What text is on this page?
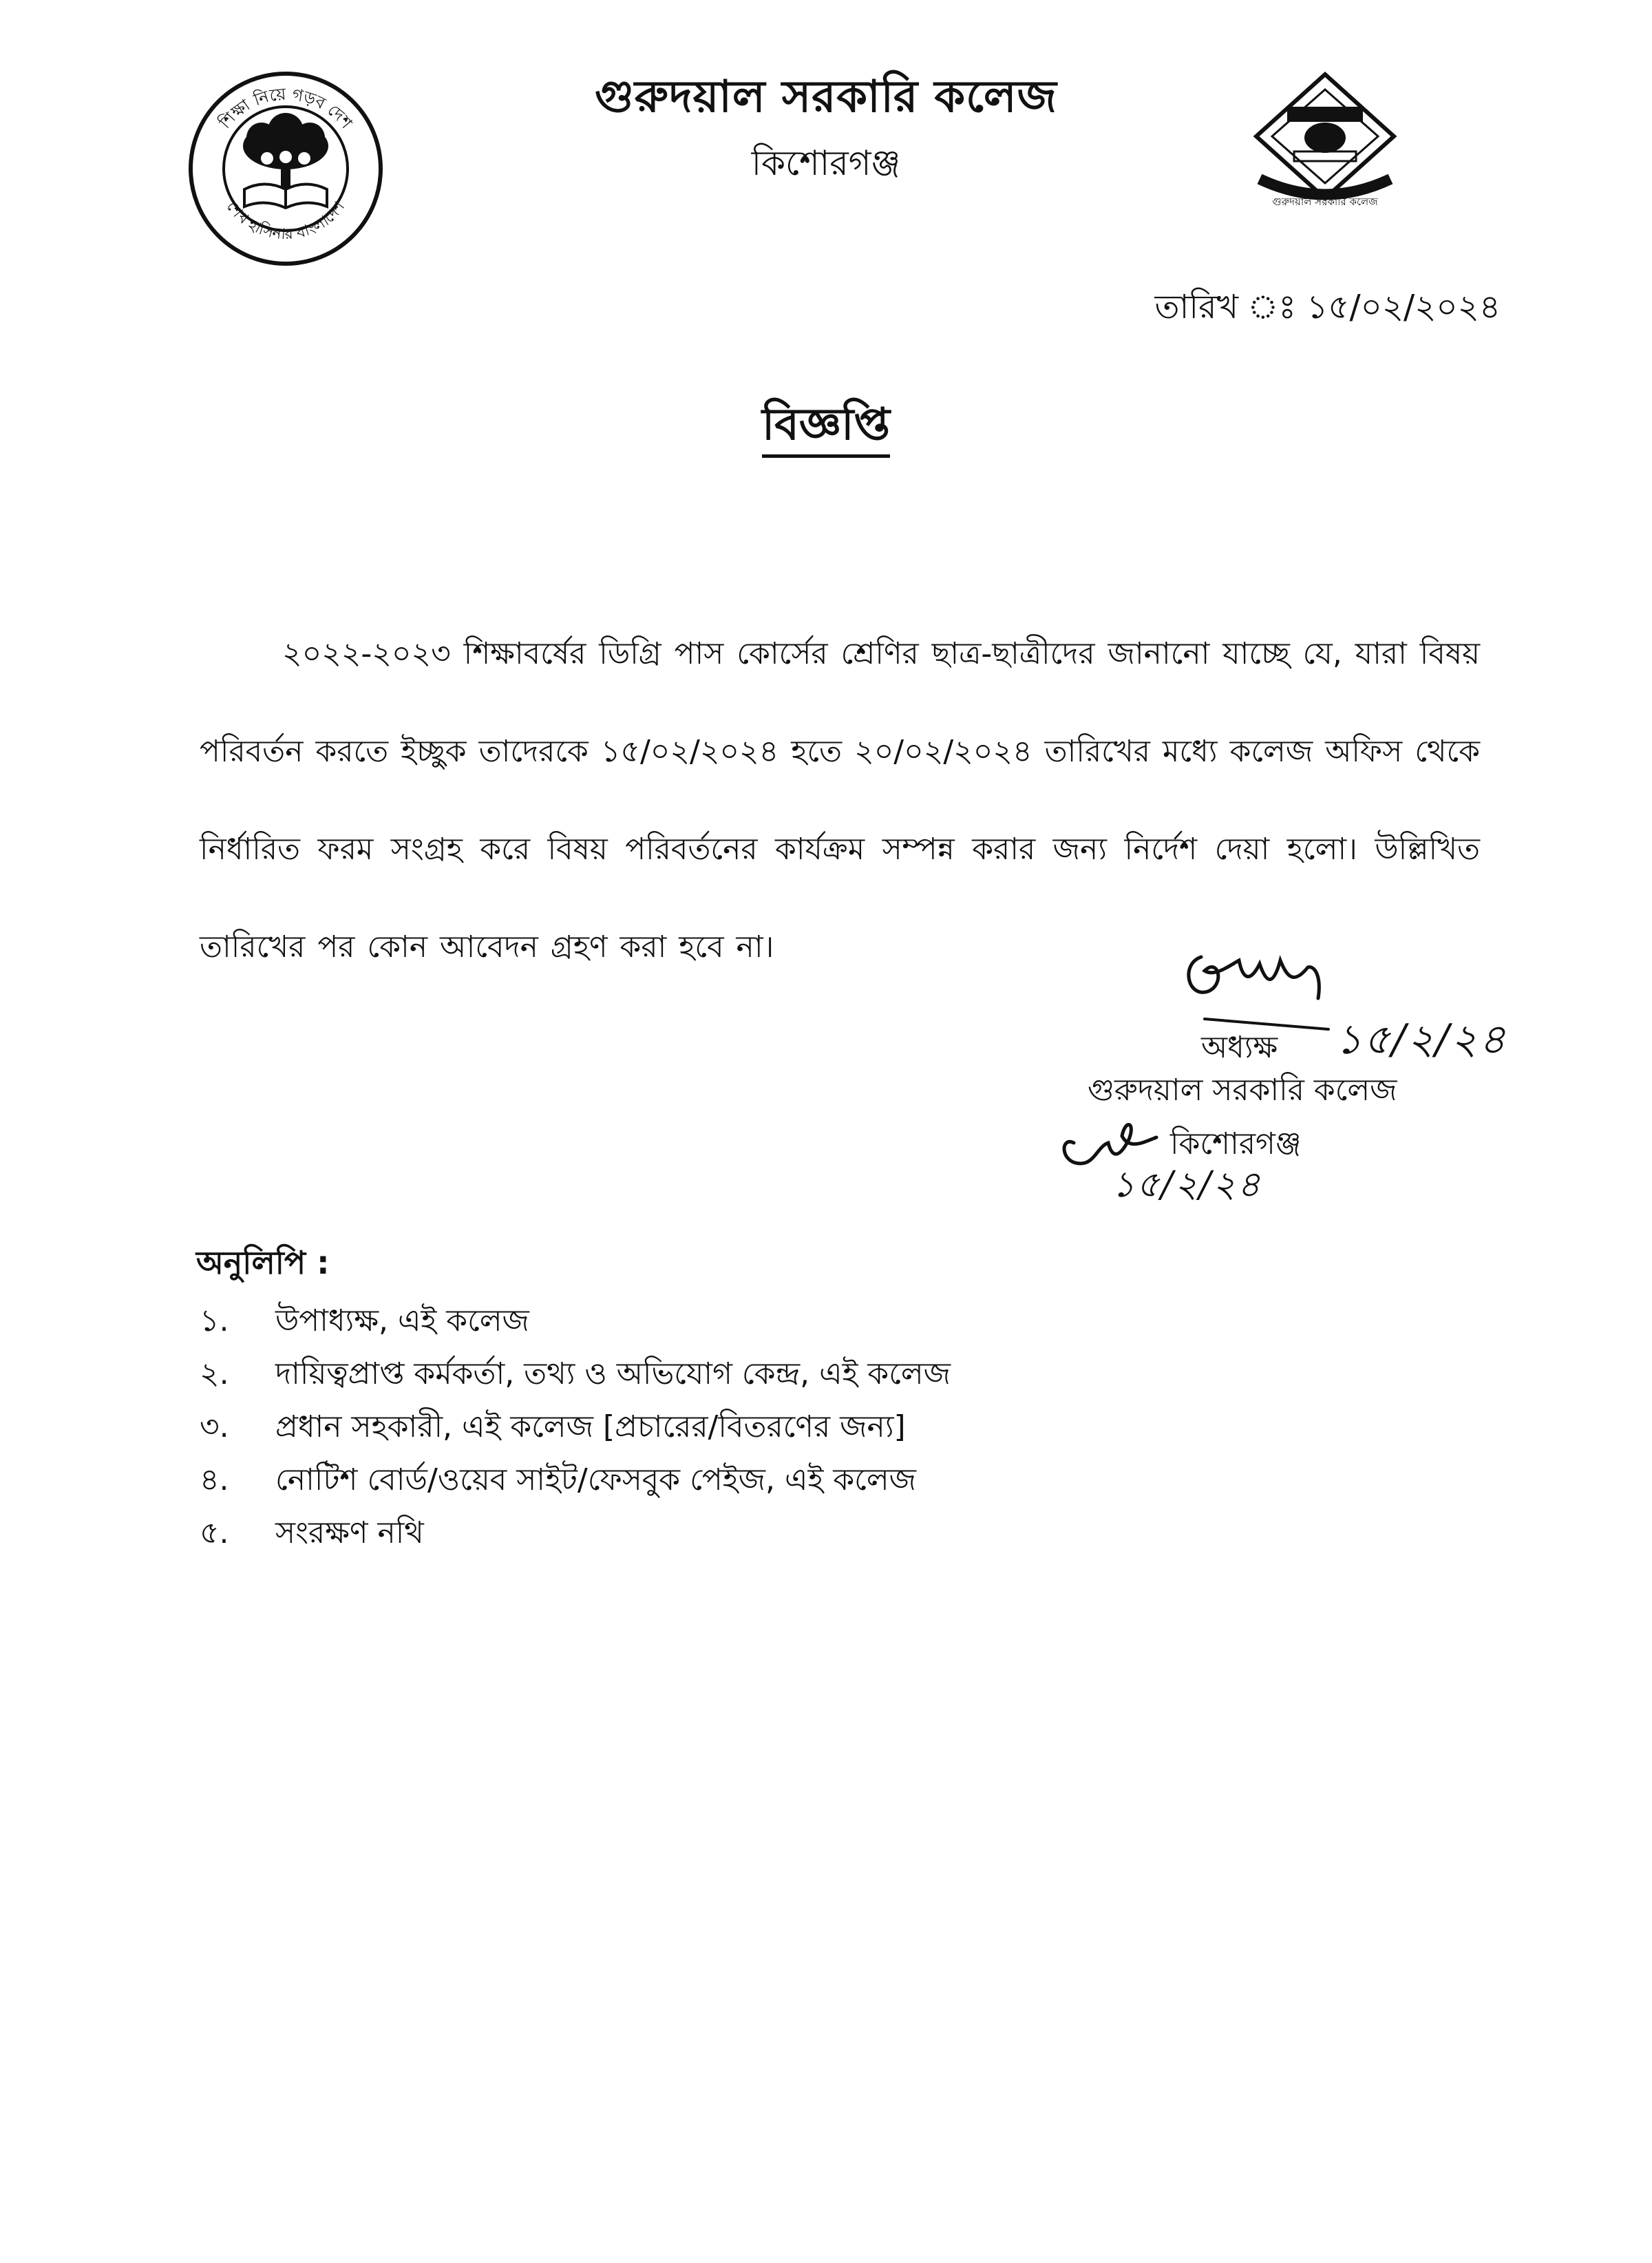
শিক্ষা নিয়ে গড়ব দেশ
শেখ হাসিনার বাংলাদেশ	গুরুদয়াল সরকারি কলেজ
গুরুদয়াল সরকারি কলেজ
কিশোরগঞ্জ
তারিখ ঃ ১৫/০২/২০২৪
বিজ্ঞপ্তি

২০২২-২০২৩ শিক্ষাবর্ষের ডিগ্রি পাস কোর্সের শ্রেণির ছাত্র-ছাত্রীদের জানানো যাচ্ছে যে, যারা বিষয় পরিবর্তন করতে ইচ্ছুক তাদেরকে ১৫/০২/২০২৪ হতে ২০/০২/২০২৪ তারিখের মধ্যে কলেজ অফিস থেকে নির্ধারিত ফরম সংগ্রহ করে বিষয় পরিবর্তনের কার্যক্রম সম্পন্ন করার জন্য নির্দেশ দেয়া হলো। উল্লিখিত তারিখের পর কোন আবেদন গ্রহণ করা হবে না।

অধ্যক্ষ ১৫/২/২৪
গুরুদয়াল সরকারি কলেজ
কিশোরগঞ্জ
১৫/২/২৪
অনুলিপি :
১. উপাধ্যক্ষ, এই কলেজ
২. দায়িত্বপ্রাপ্ত কর্মকর্তা, তথ্য ও অভিযোগ কেন্দ্র, এই কলেজ
৩. প্রধান সহকারী, এই কলেজ [প্রচারের/বিতরণের জন্য]
৪. নোটিশ বোর্ড/ওয়েব সাইট/ফেসবুক পেইজ, এই কলেজ
৫. সংরক্ষণ নথি
